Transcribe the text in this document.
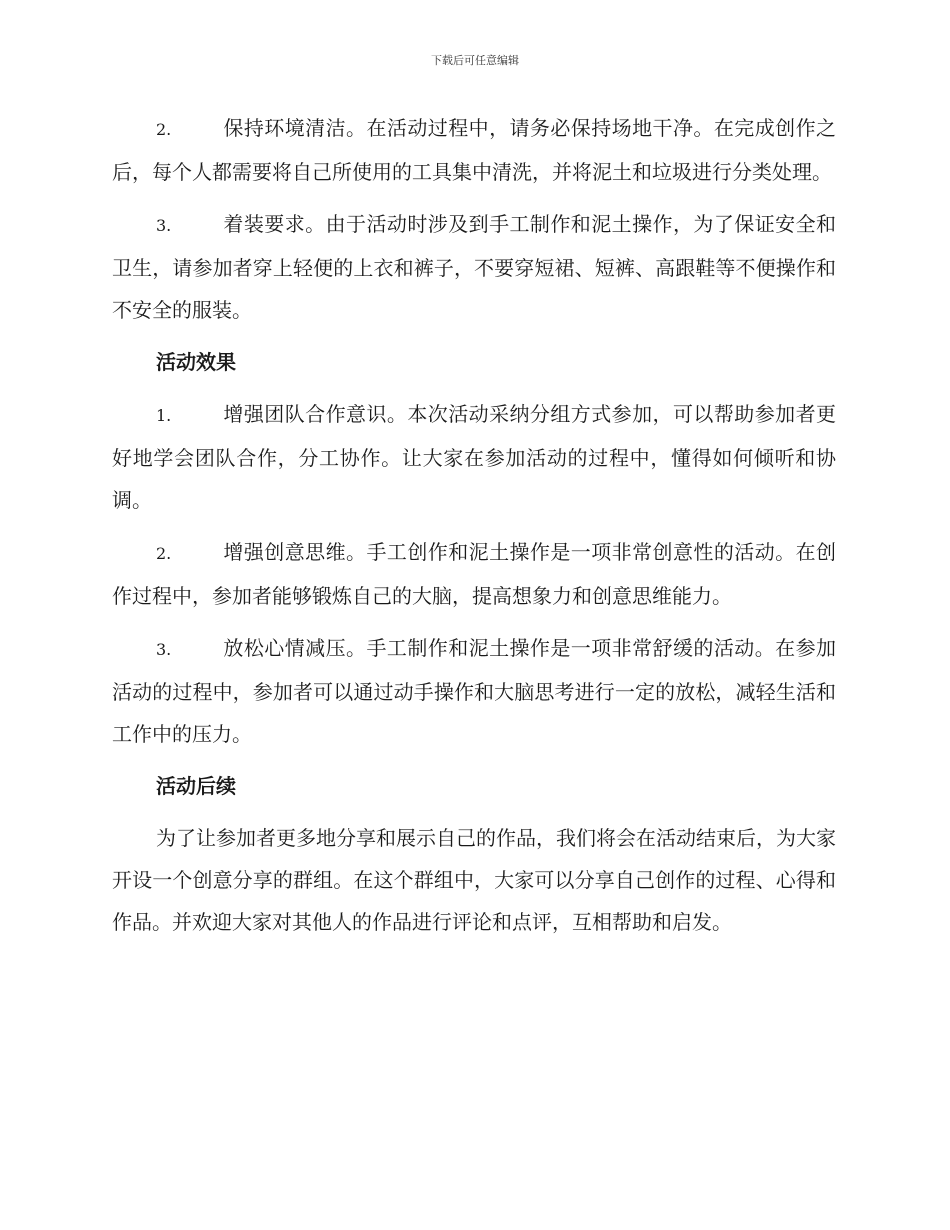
下载后可任意编辑

2.	保持环境清洁。在活动过程中，请务必保持场地干净。在完成创作之后，每个人都需要将自己所使用的工具集中清洗，并将泥土和垃圾进行分类处理。

3.	着装要求。由于活动时涉及到手工制作和泥土操作，为了保证安全和卫生，请参加者穿上轻便的上衣和裤子，不要穿短裙、短裤、高跟鞋等不便操作和不安全的服装。

活动效果

1.	增强团队合作意识。本次活动采纳分组方式参加，可以帮助参加者更好地学会团队合作，分工协作。让大家在参加活动的过程中，懂得如何倾听和协调。

2.	增强创意思维。手工创作和泥土操作是一项非常创意性的活动。在创作过程中，参加者能够锻炼自己的大脑，提高想象力和创意思维能力。

3.	放松心情减压。手工制作和泥土操作是一项非常舒缓的活动。在参加活动的过程中，参加者可以通过动手操作和大脑思考进行一定的放松，减轻生活和工作中的压力。

活动后续

为了让参加者更多地分享和展示自己的作品，我们将会在活动结束后，为大家开设一个创意分享的群组。在这个群组中，大家可以分享自己创作的过程、心得和作品。并欢迎大家对其他人的作品进行评论和点评，互相帮助和启发。
